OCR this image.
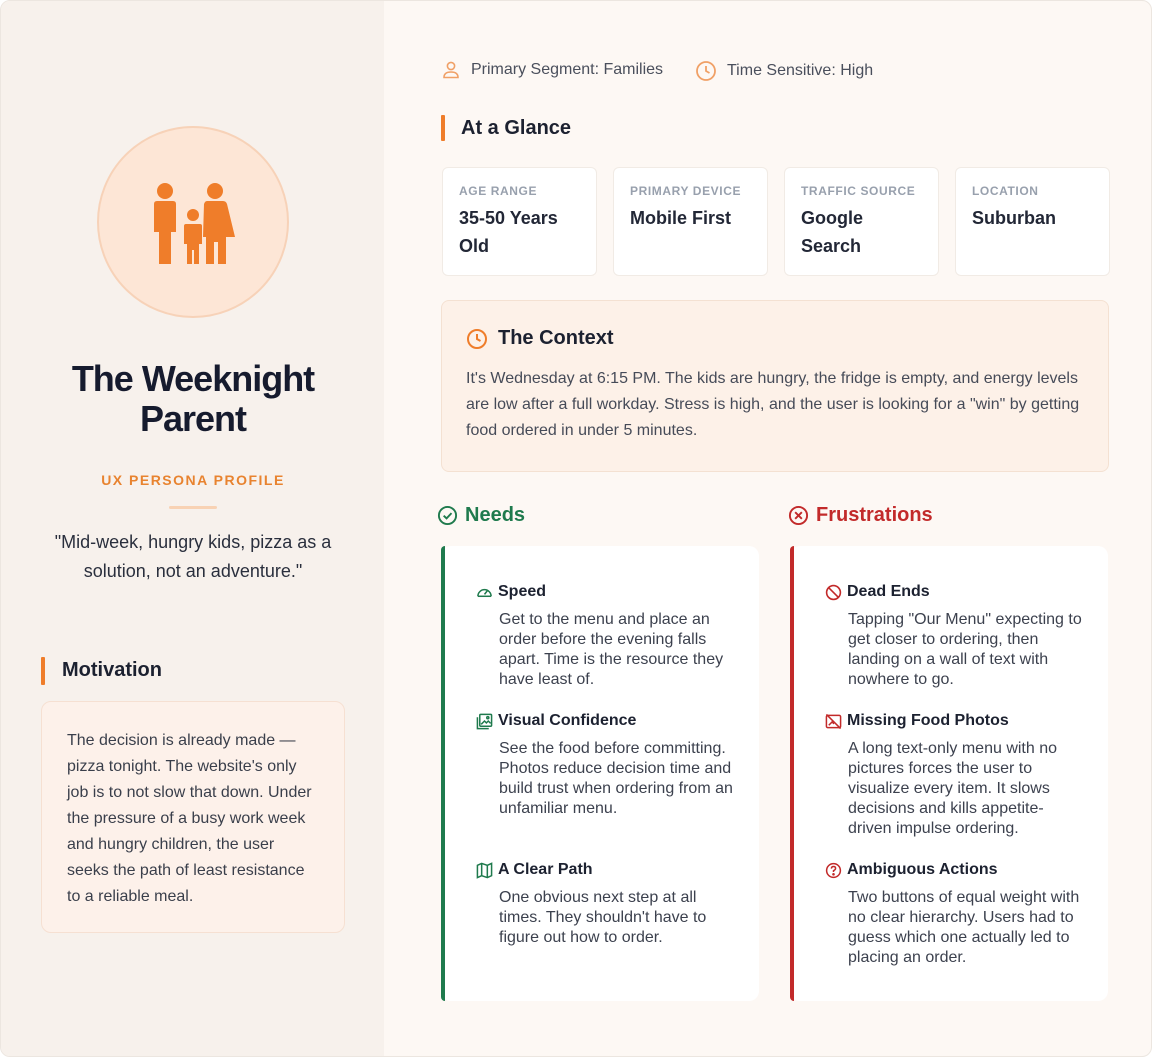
The Weeknight Parent
UX PERSONA PROFILE
"Mid-week, hungry kids, pizza as a solution, not an adventure."
Motivation

The decision is already made — pizza tonight. The website's only job is to not slow that down. Under the pressure of a busy work week and hungry children, the user seeks the path of least resistance to a reliable meal.

Primary Segment: Families	Time Sensitive: High
At a Glance
AGE RANGE
35-50 Years Old
PRIMARY DEVICE
Mobile First
TRAFFIC SOURCE
Google Search
LOCATION
Suburban
The Context
It's Wednesday at 6:15 PM. The kids are hungry, the fridge is empty, and energy levels are low after a full workday. Stress is high, and the user is looking for a "win" by getting food ordered in under 5 minutes.
Needs
Speed
Get to the menu and place an order before the evening falls apart. Time is the resource they have least of.
Visual Confidence
See the food before committing. Photos reduce decision time and build trust when ordering from an unfamiliar menu.
A Clear Path
One obvious next step at all times. They shouldn't have to figure out how to order.
Frustrations
Dead Ends
Tapping "Our Menu" expecting to get closer to ordering, then landing on a wall of text with nowhere to go.
Missing Food Photos
A long text-only menu with no pictures forces the user to visualize every item. It slows decisions and kills appetite-driven impulse ordering.
Ambiguous Actions
Two buttons of equal weight with no clear hierarchy. Users had to guess which one actually led to placing an order.
